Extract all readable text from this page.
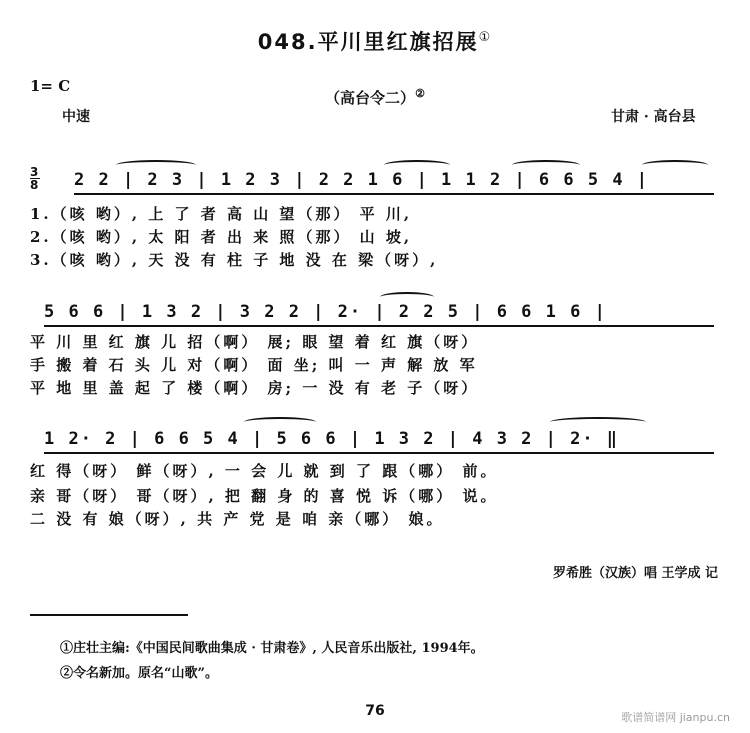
048.平川里红旗招展①
1= C
（高台令二）②
中速	甘肃 · 高台县
3
8 2 2 | 2 3 | 1 2 3 | 2 2 1 6 | 1 1 2 | 6 6 5 4 |
1.（咳 哟）, 上 了 者 高 山 望（那） 平 川,
2.（咳 哟）, 太 阳 者 出 来 照（那） 山 坡,
3.（咳 哟）, 天 没 有 柱 子 地 没 在 梁（呀）,
5 6 6 | 1 3 2 | 3 2 2 | 2· | 2 2 5 | 6 6 1 6 |
平 川 里 红 旗 儿 招（啊） 展; 眼 望 着 红 旗（呀）
手 搬 着 石 头 儿 对（啊） 面 坐; 叫 一 声 解 放 军
平 地 里 盖 起 了 楼（啊） 房; 一 没 有 老 子（呀）
1 2· 2 | 6 6 5 4 | 5 6 6 | 1 3 2 | 4 3 2 | 2· ‖
红 得（呀） 鲜（呀）, 一 会 儿 就 到 了 跟（哪） 前。
亲 哥（呀） 哥（呀）, 把 翻 身 的 喜 悦 诉（哪） 说。
二 没 有 娘（呀）, 共 产 党 是 咱 亲（哪） 娘。
罗希胜（汉族）唱 王学成 记
①庄壮主编:《中国民间歌曲集成 · 甘肃卷》, 人民音乐出版社, 1994年。
②令名新加。原名“山歌”。
76	歌谱简谱网 jianpu.cn
